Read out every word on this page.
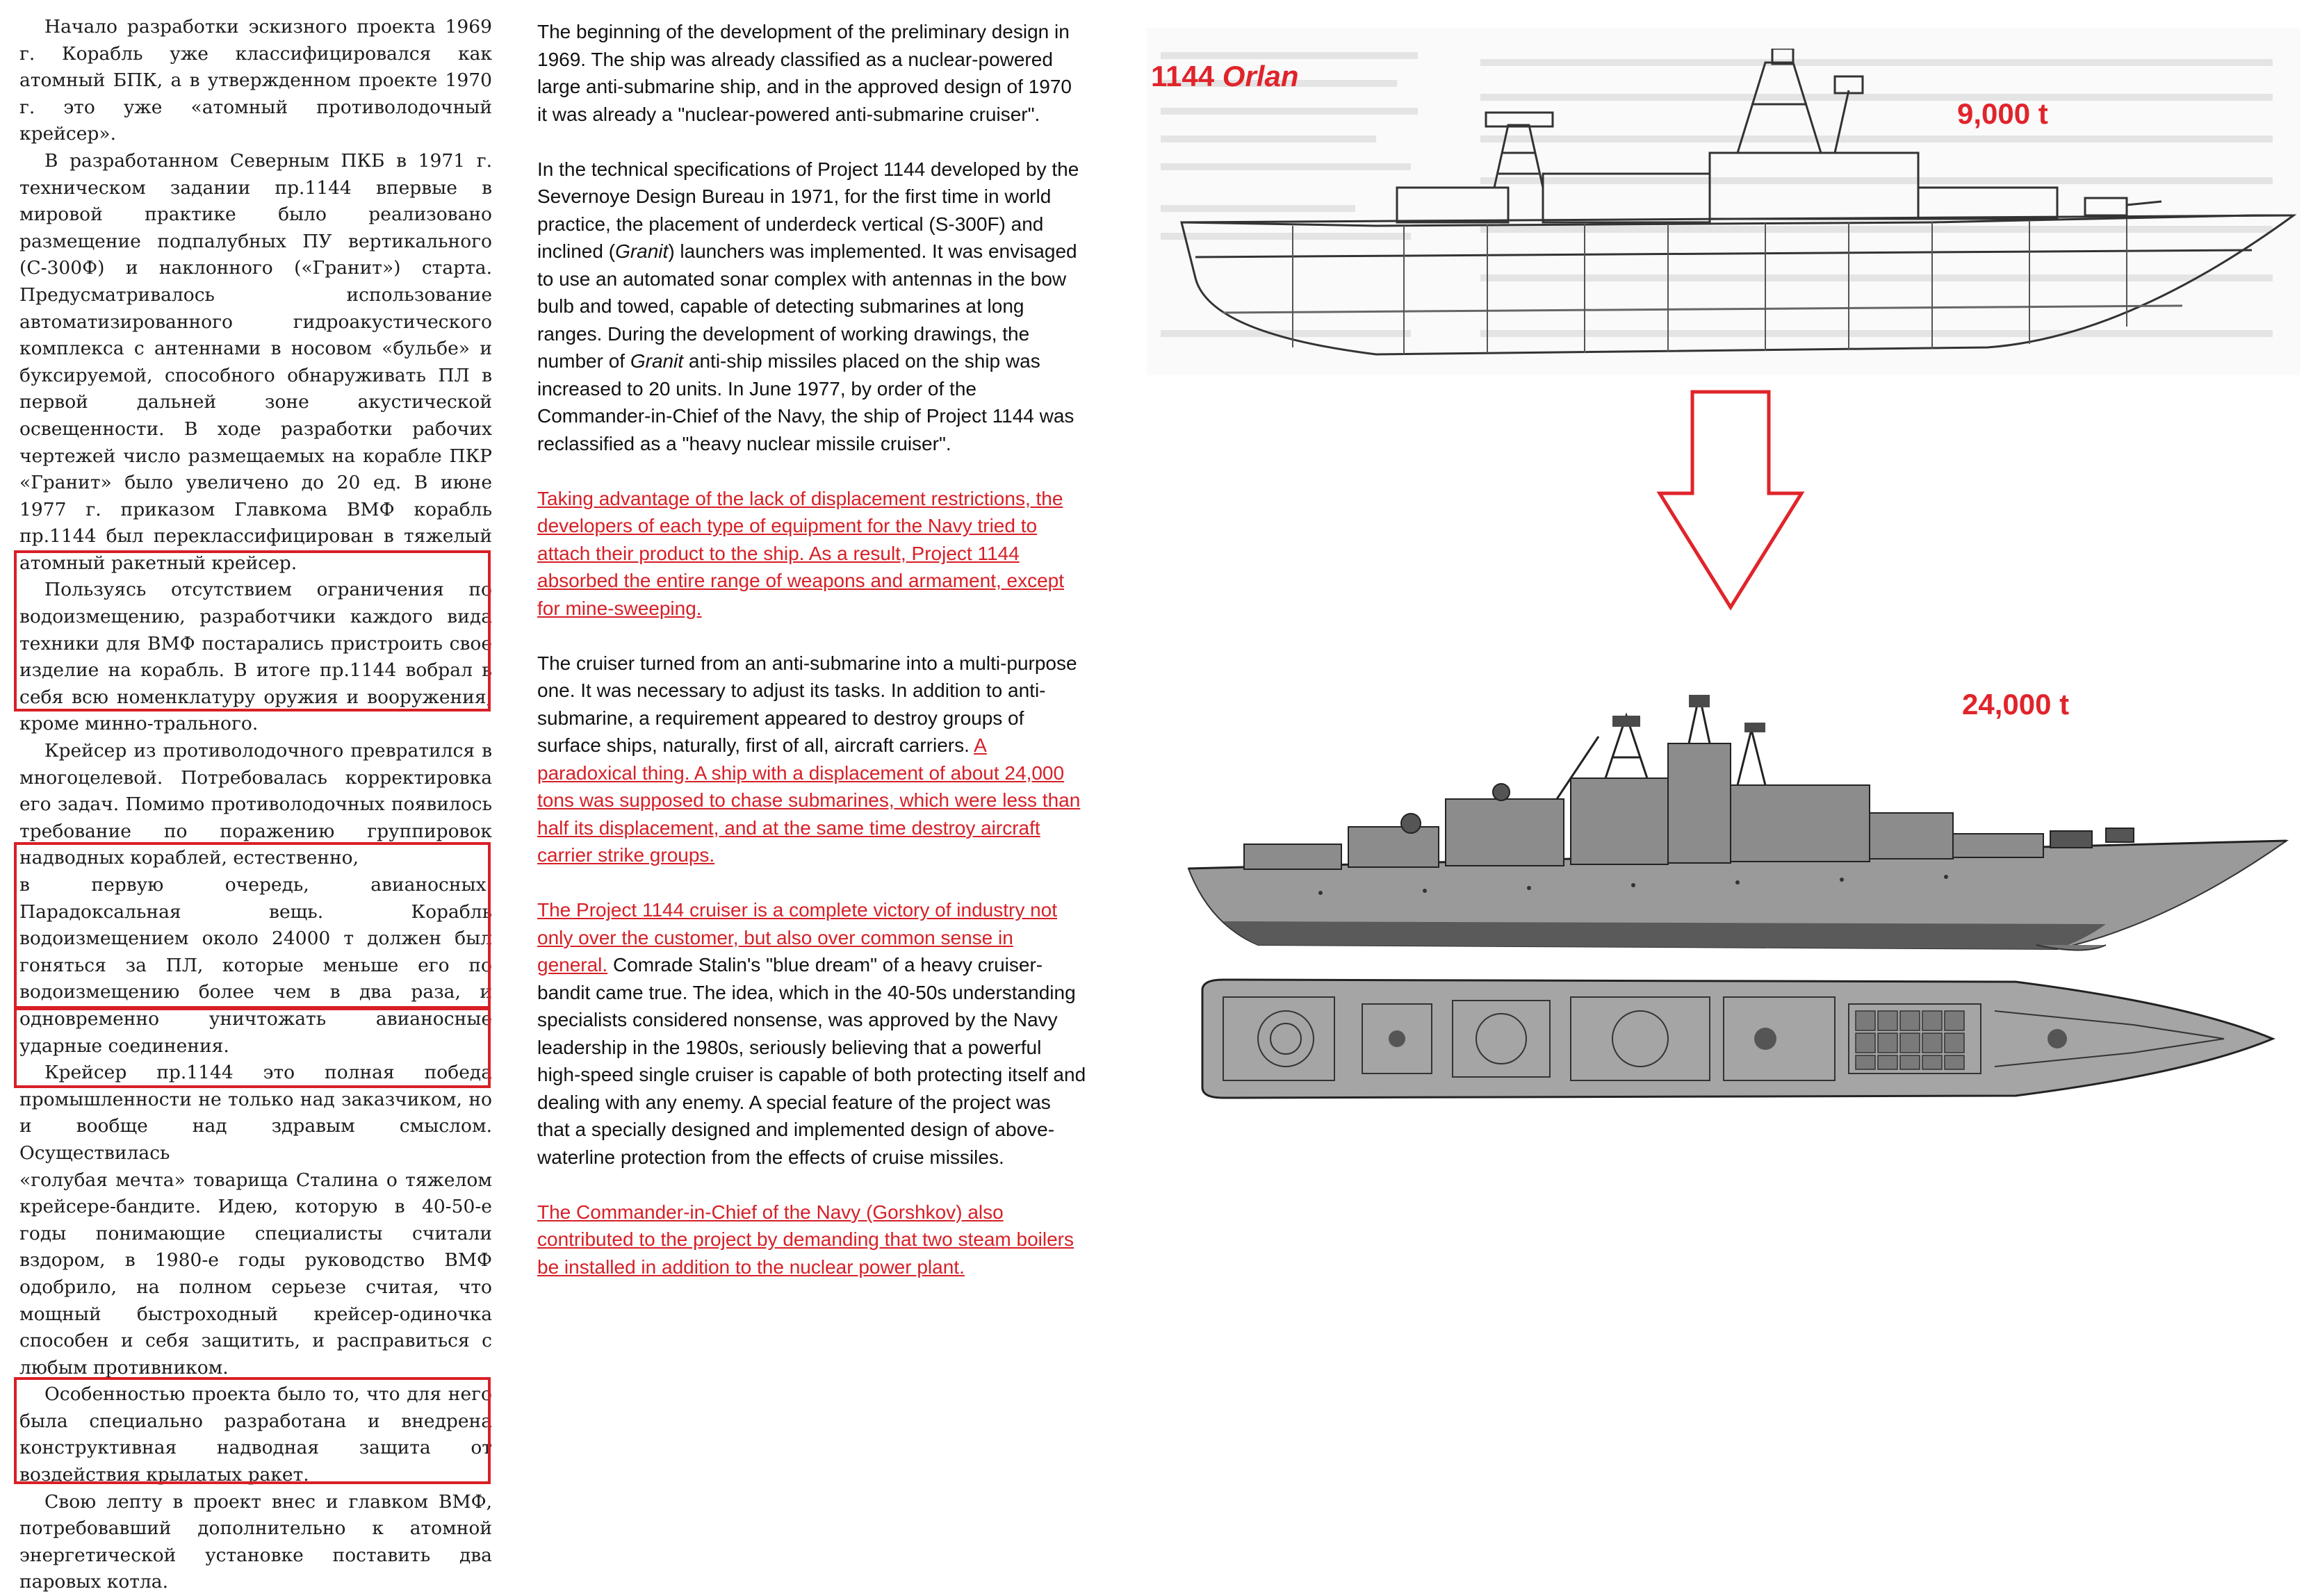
Начало разработки эскизного проекта 1969 г. Корабль уже классифицировался как атомный БПК, а в утвержденном проекте 1970 г. это уже «атомный противолодочный крейсер».

В разработанном Северным ПКБ в 1971 г. техническом задании пр.1144 впервые в мировой практике было реализовано размещение подпалубных ПУ вертикального (С-300Ф) и наклонного («Гранит») старта. Предусматривалось использование автоматизированного гидроакустического комплекса с антеннами в носовом «бульбе» и буксируемой, способного обнаруживать ПЛ в первой дальней зоне акустической освещенности. В ходе разработки рабочих чертежей число размещаемых на корабле ПКР «Гранит» было увеличено до 20 ед. В июне 1977 г. приказом Главкома ВМФ корабль пр.1144 был переклассифицирован в тяжелый атомный ракетный крейсер.

Пользуясь отсутствием ограничения по водоизмещению, разработчики каждого вида техники для ВМФ постарались пристроить свое изделие на корабль. В итоге пр.1144 вобрал в себя всю номенклатуру оружия и вооружения, кроме минно-трального.

Крейсер из противолодочного превратился в многоцелевой. Потребовалась корректировка его задач. Помимо противолодочных появилось требование по поражению группировок надводных кораблей, естественно,

в первую очередь, авианосных. Парадоксальная вещь. Корабль водоизмещением около 24000 т должен был гоняться за ПЛ, которые меньше его по водоизмещению более чем в два раза, и одновременно уничтожать авианосные ударные соединения.

Крейсер пр.1144 это полная победа промышленности не только над заказчиком, но и вообще над здравым смыслом. Осуществилась

«голубая мечта» товарища Сталина о тяжелом крейсере-бандите. Идею, которую в 40-50-е годы понимающие специалисты считали вздором, в 1980-е годы руководство ВМФ одобрило, на полном серьезе считая, что мощный быстроходный крейсер-одиночка способен и себя защитить, и расправиться с любым противником.

Особенностью проекта было то, что для него была специально разработана и внедрена конструктивная надводная защита от воздействия крылатых ракет.

Свою лепту в проект внес и главком ВМФ, потребовавший дополнительно к атомной энергетической установке поставить два паровых котла.

The beginning of the development of the preliminary design in 1969. The ship was already classified as a nuclear-powered large anti-submarine ship, and in the approved design of 1970 it was already a "nuclear-powered anti-submarine cruiser".

In the technical specifications of Project 1144 developed by the Severnoye Design Bureau in 1971, for the first time in world practice, the placement of underdeck vertical (S-300F) and inclined (Granit) launchers was implemented. It was envisaged to use an automated sonar complex with antennas in the bow bulb and towed, capable of detecting submarines at long ranges. During the development of working drawings, the number of Granit anti-ship missiles placed on the ship was increased to 20 units. In June 1977, by order of the Commander-in-Chief of the Navy, the ship of Project 1144 was reclassified as a "heavy nuclear missile cruiser".

Taking advantage of the lack of displacement restrictions, the developers of each type of equipment for the Navy tried to attach their product to the ship. As a result, Project 1144 absorbed the entire range of weapons and armament, except for mine-sweeping.

The cruiser turned from an anti-submarine into a multi-purpose one. It was necessary to adjust its tasks. In addition to anti-submarine, a requirement appeared to destroy groups of surface ships, naturally, first of all, aircraft carriers. A paradoxical thing. A ship with a displacement of about 24,000 tons was supposed to chase submarines, which were less than half its displacement, and at the same time destroy aircraft carrier strike groups.

The Project 1144 cruiser is a complete victory of industry not only over the customer, but also over common sense in general. Comrade Stalin's "blue dream" of a heavy cruiser-bandit came true. The idea, which in the 40-50s understanding specialists considered nonsense, was approved by the Navy leadership in the 1980s, seriously believing that a powerful high-speed single cruiser is capable of both protecting itself and dealing with any enemy. A special feature of the project was that a specially designed and implemented design of above-waterline protection from the effects of cruise missiles.

The Commander-in-Chief of the Navy (Gorshkov) also contributed to the project by demanding that two steam boilers be installed in addition to the nuclear power plant.

1144 Orlan
9,000 t
24,000 t
